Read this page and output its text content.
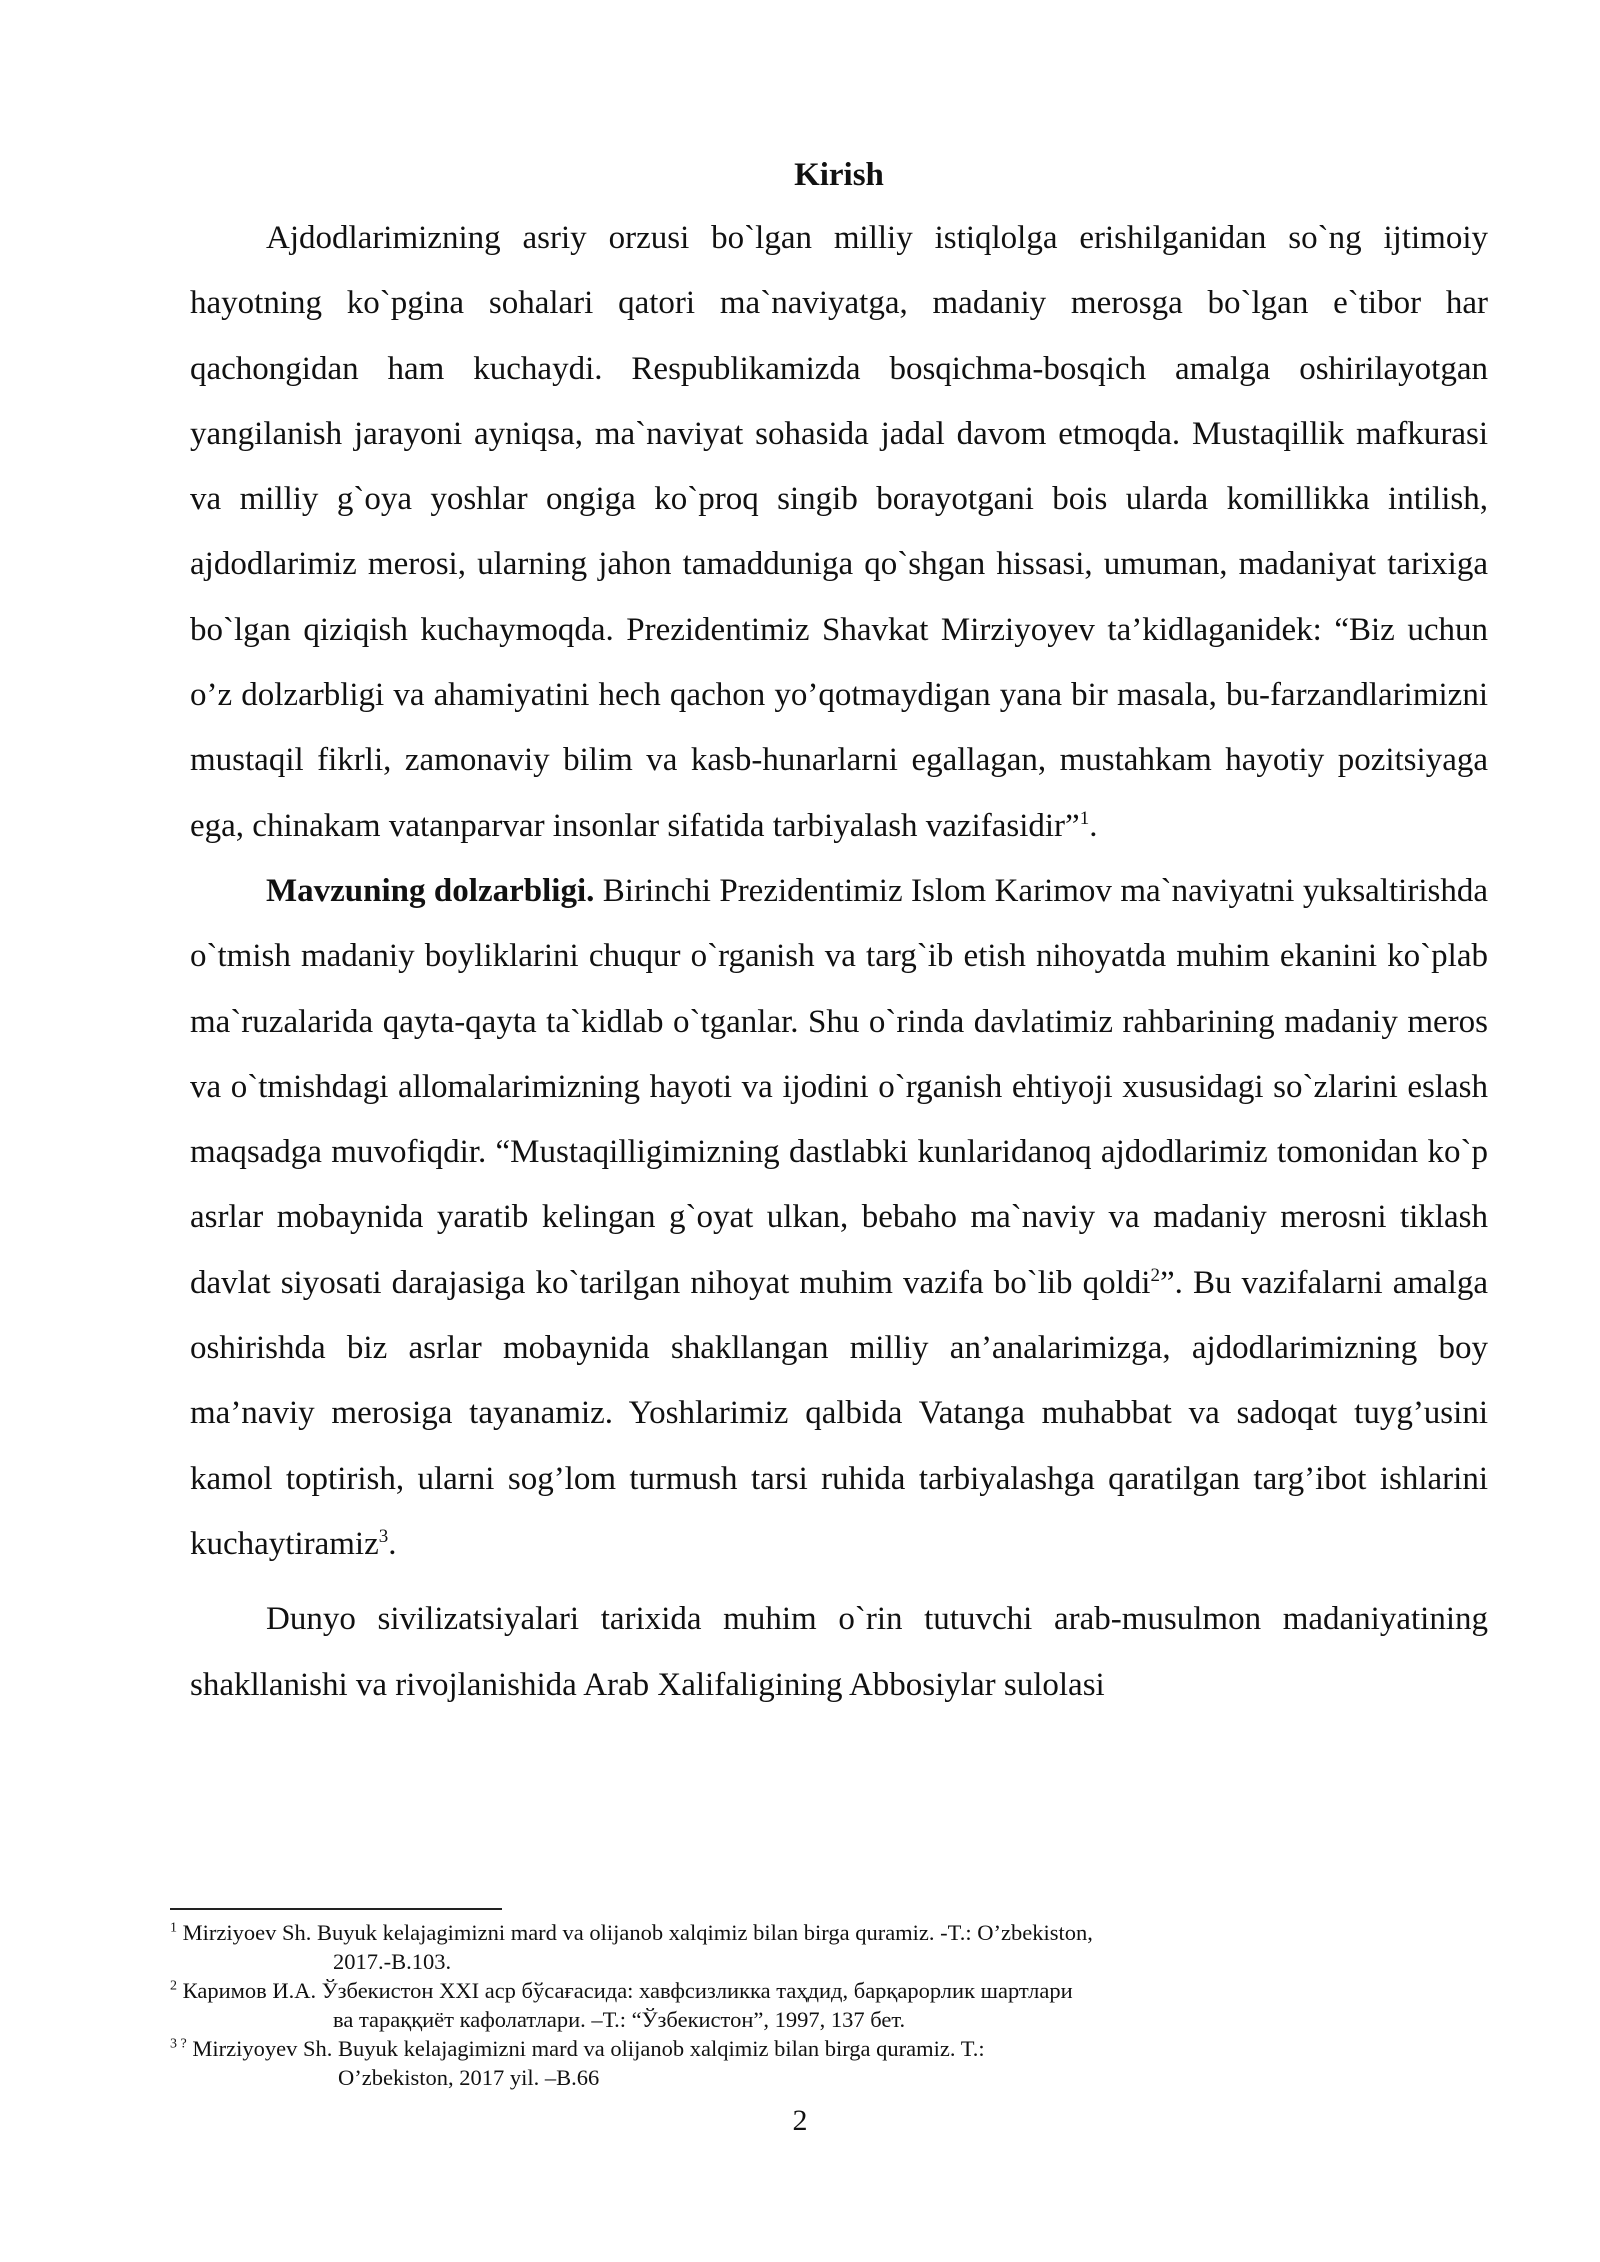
Kirish

Ajdodlarimizning asriy orzusi bo`lgan milliy istiqlolga erishilganidan so`ng ijtimoiy hayotning ko`pgina sohalari qatori ma`naviyatga, madaniy merosga bo`lgan e`tibor har qachongidan ham kuchaydi. Respublikamizda bosqichma-bosqich amalga oshirilayotgan yangilanish jarayoni ayniqsa, ma`naviyat sohasida jadal davom etmoqda. Mustaqillik mafkurasi va milliy g`oya yoshlar ongiga ko`proq singib borayotgani bois ularda komillikka intilish, ajdodlarimiz merosi, ularning jahon tamadduniga qo`shgan hissasi, umuman, madaniyat tarixiga bo`lgan qiziqish kuchaymoqda. Prezidentimiz Shavkat Mirziyoyev ta’kidlaganidek: “Biz uchun o’z dolzarbligi va ahamiyatini hech qachon yo’qotmaydigan yana bir masala, bu-farzandlarimizni mustaqil fikrli, zamonaviy bilim va kasb-hunarlarni egallagan, mustahkam hayotiy pozitsiyaga ega, chinakam vatanparvar insonlar sifatida tarbiyalash vazifasidir”$^1$.

Mavzuning dolzarbligi. Birinchi Prezidentimiz Islom Karimov ma`naviyatni yuksaltirishda o`tmish madaniy boyliklarini chuqur o`rganish va targ`ib etish nihoyatda muhim ekanini ko`plab ma`ruzalarida qayta-qayta ta`kidlab o`tganlar. Shu o`rinda davlatimiz rahbarining madaniy meros va o`tmishdagi allomalarimizning hayoti va ijodini o`rganish ehtiyoji xususidagi so`zlarini eslash maqsadga muvofiqdir. “Mustaqilligimizning dastlabki kunlaridanoq ajdodlarimiz tomonidan ko`p asrlar mobaynida yaratib kelingan g`oyat ulkan, bebaho ma`naviy va madaniy merosni tiklash davlat siyosati darajasiga ko`tarilgan nihoyat muhim vazifa bo`lib qoldi$^2$”. Bu vazifalarni amalga oshirishda biz asrlar mobaynida shakllangan milliy an’analarimizga, ajdodlarimizning boy ma’naviy merosiga tayanamiz. Yoshlarimiz qalbida Vatanga muhabbat va sadoqat tuyg’usini kamol toptirish, ularni sog’lom turmush tarsi ruhida tarbiyalashga qaratilgan targ’ibot ishlarini kuchaytiramiz$^3$.

Dunyo sivilizatsiyalari tarixida muhim o`rin tutuvchi arab-musulmon madaniyatining shakllanishi va rivojlanishida Arab Xalifaligining Abbosiylar sulolasi

$^1$ Mirziyoev Sh. Buyuk kelajagimizni mard va olijanob xalqimiz bilan birga quramiz. -T.: O’zbekiston,
2017.-B.103.

$^2$ Каримов И.А. Ўзбекистон XXI аср бўсағасида: хавфсизликка таҳдид, барқарорлик шартлари
ва тараққиёт кафолатлари. –Т.: “Ўзбекистон”, 1997, 137 бет.

$^{3 ?}$ Mirziyoyev Sh. Buyuk kelajagimizni mard va olijanob xalqimiz bilan birga quramiz. T.:
O’zbekiston, 2017 yil. –B.66

2
